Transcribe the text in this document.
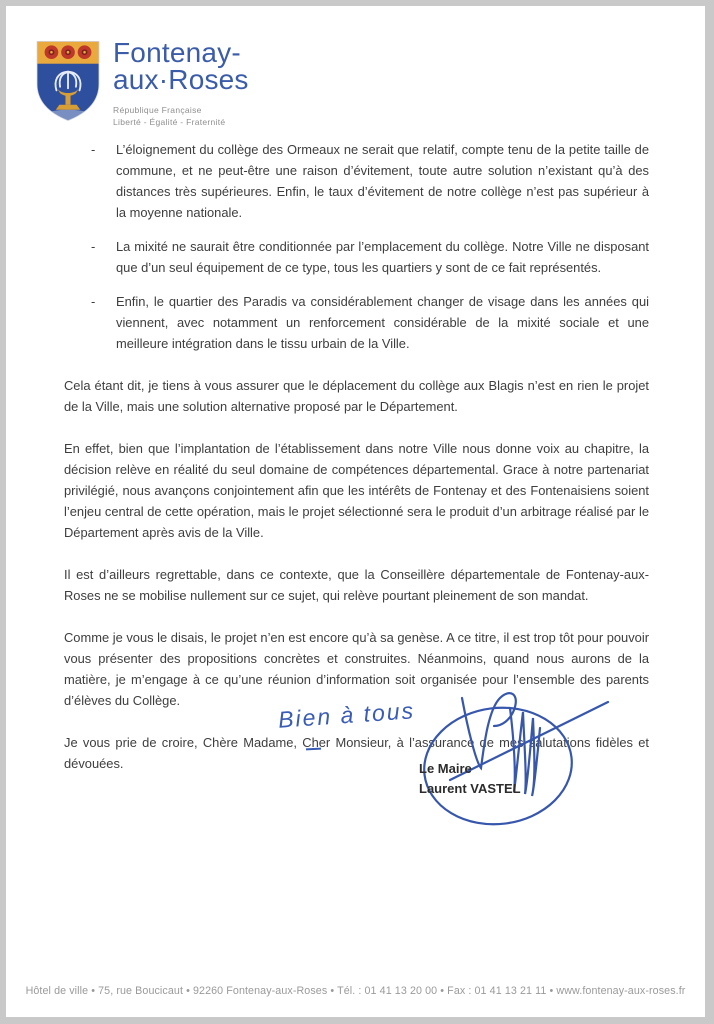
Fontenay-
aux·Roses
République Française
Liberté - Égalité - Fraternité
- L’éloignement du collège des Ormeaux ne serait que relatif, compte tenu de la petite taille de commune, et ne peut-être une raison d’évitement, toute autre solution n’existant qu’à des distances très supérieures. Enfin, le taux d’évitement de notre collège n’est pas supérieur à la moyenne nationale.
- La mixité ne saurait être conditionnée par l’emplacement du collège. Notre Ville ne disposant que d’un seul équipement de ce type, tous les quartiers y sont de ce fait représentés.
- Enfin, le quartier des Paradis va considérablement changer de visage dans les années qui viennent, avec notamment un renforcement considérable de la mixité sociale et une meilleure intégration dans le tissu urbain de la Ville.

Cela étant dit, je tiens à vous assurer que le déplacement du collège aux Blagis n’est en rien le projet de la Ville, mais une solution alternative proposé par le Département.

En effet, bien que l’implantation de l’établissement dans notre Ville nous donne voix au chapitre, la décision relève en réalité du seul domaine de compétences départemental. Grace à notre partenariat privilégié, nous avançons conjointement afin que les intérêts de Fontenay et des Fontenaisiens soient l’enjeu central de cette opération, mais le projet sélectionné sera le produit d’un arbitrage réalisé par le Département après avis de la Ville.

Il est d’ailleurs regrettable, dans ce contexte, que la Conseillère départementale de Fontenay-aux-Roses ne se mobilise nullement sur ce sujet, qui relève pourtant pleinement de son mandat.

Comme je vous le disais, le projet n’en est encore qu’à sa genèse. A ce titre, il est trop tôt pour pouvoir vous présenter des propositions concrètes et construites. Néanmoins, quand nous aurons de la matière, je m’engage à ce qu’une réunion d’information soit organisée pour l’ensemble des parents d’élèves du Collège.

Je vous prie de croire, Chère Madame, Cher Monsieur, à l’assurance de mes salutations fidèles et dévouées.

Bien à tous
Le Maire
Laurent VASTEL
Hôtel de ville • 75, rue Boucicaut • 92260 Fontenay-aux-Roses • Tél. : 01 41 13 20 00 • Fax : 01 41 13 21 11 • www.fontenay-aux-roses.fr
